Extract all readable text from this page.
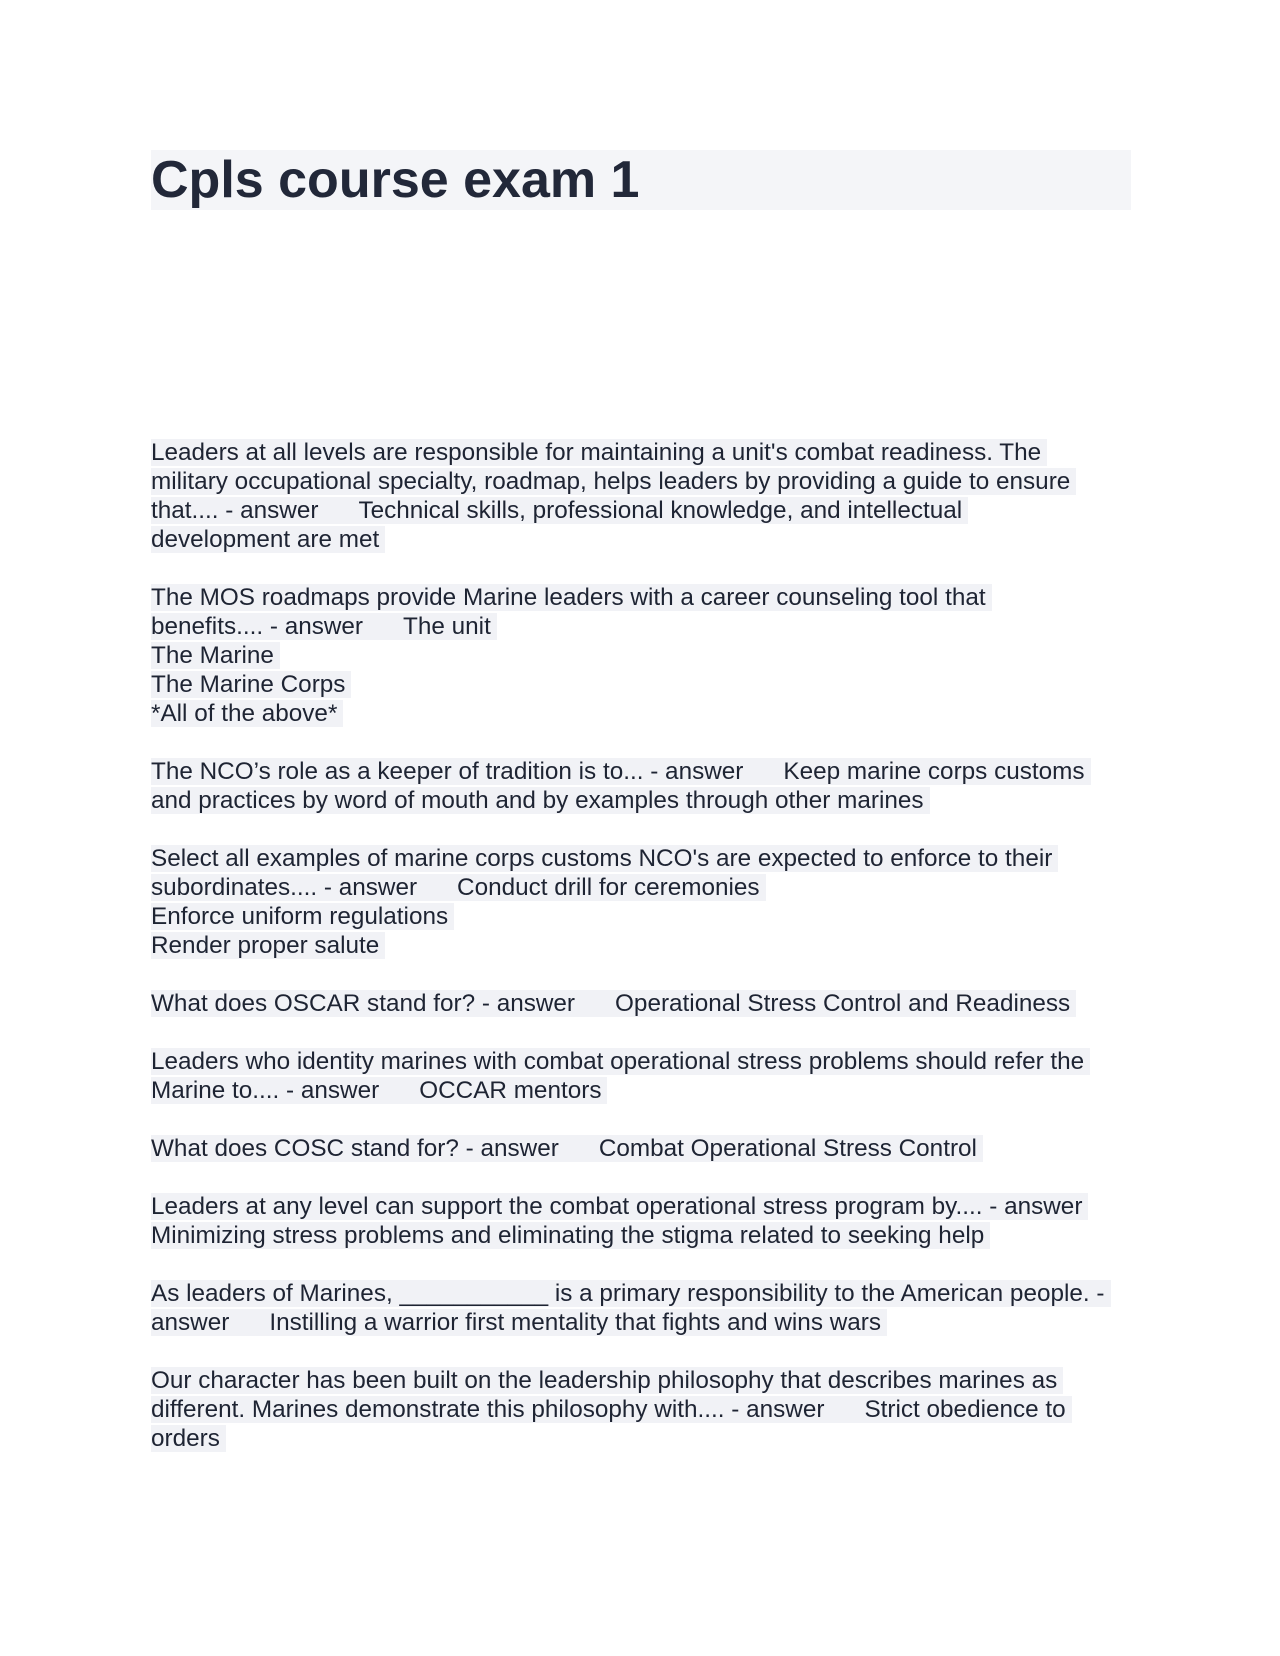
Cpls course exam 1
Leaders at all levels are responsible for maintaining a unit's combat readiness. The
military occupational specialty, roadmap, helps leaders by providing a guide to ensure
that.... - answer Technical skills, professional knowledge, and intellectual
development are met
The MOS roadmaps provide Marine leaders with a career counseling tool that
benefits.... - answer The unit
The Marine
The Marine Corps
*All of the above*
The NCO’s role as a keeper of tradition is to... - answer Keep marine corps customs
and practices by word of mouth and by examples through other marines
Select all examples of marine corps customs NCO's are expected to enforce to their
subordinates.... - answer Conduct drill for ceremonies
Enforce uniform regulations
Render proper salute
What does OSCAR stand for? - answer Operational Stress Control and Readiness
Leaders who identity marines with combat operational stress problems should refer the
Marine to.... - answer OCCAR mentors
What does COSC stand for? - answer Combat Operational Stress Control
Leaders at any level can support the combat operational stress program by.... - answer
Minimizing stress problems and eliminating the stigma related to seeking help
As leaders of Marines, ___________ is a primary responsibility to the American people. -
answer Instilling a warrior first mentality that fights and wins wars
Our character has been built on the leadership philosophy that describes marines as
different. Marines demonstrate this philosophy with.... - answer Strict obedience to
orders
